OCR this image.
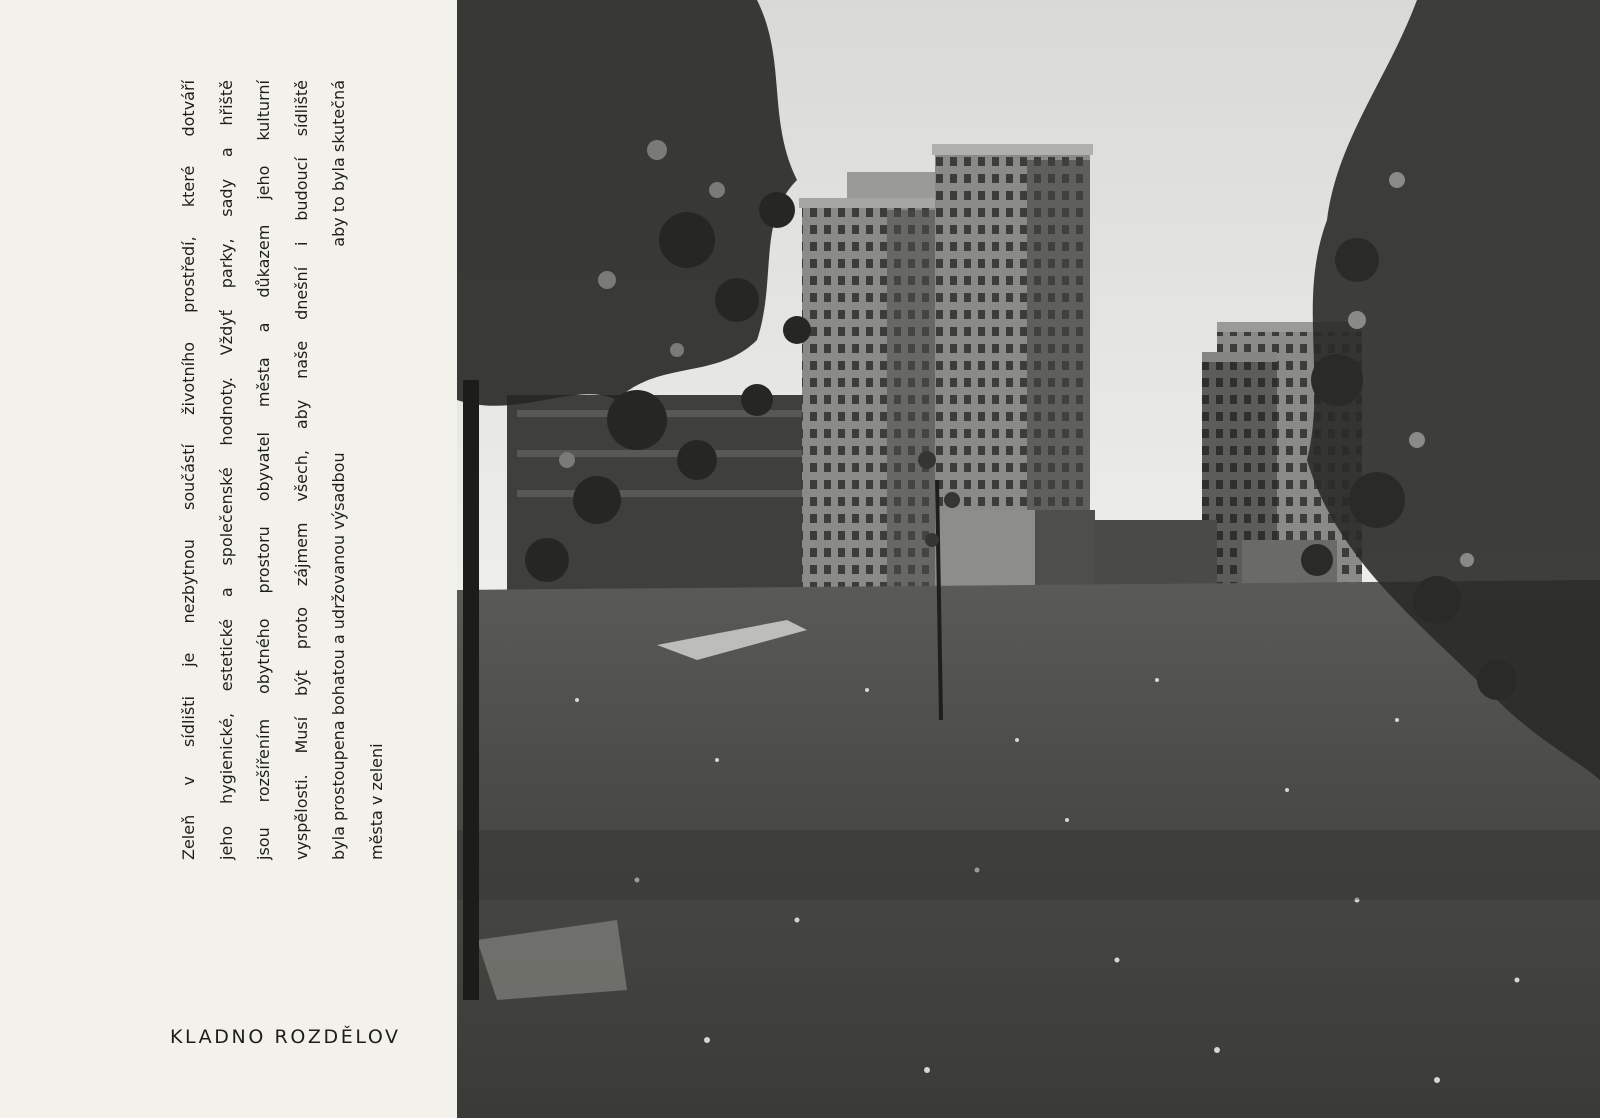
Zeleň v sídlišti je nezbytnou součástí životního prostředí, které dotváří	jeho hygienické, estetické a společenské hodnoty. Vždyť parky, sady a hřiště	jsou rozšířením obytného prostoru obyvatel města a důkazem jeho kulturní	vyspělosti. Musí být proto zájmem všech, aby naše dnešní i budoucí sídliště	byla prostoupena bohatou a udržovanou výsadbou
aby to byla skutečná
města v zeleni
KLADNO ROZDĚLOV
